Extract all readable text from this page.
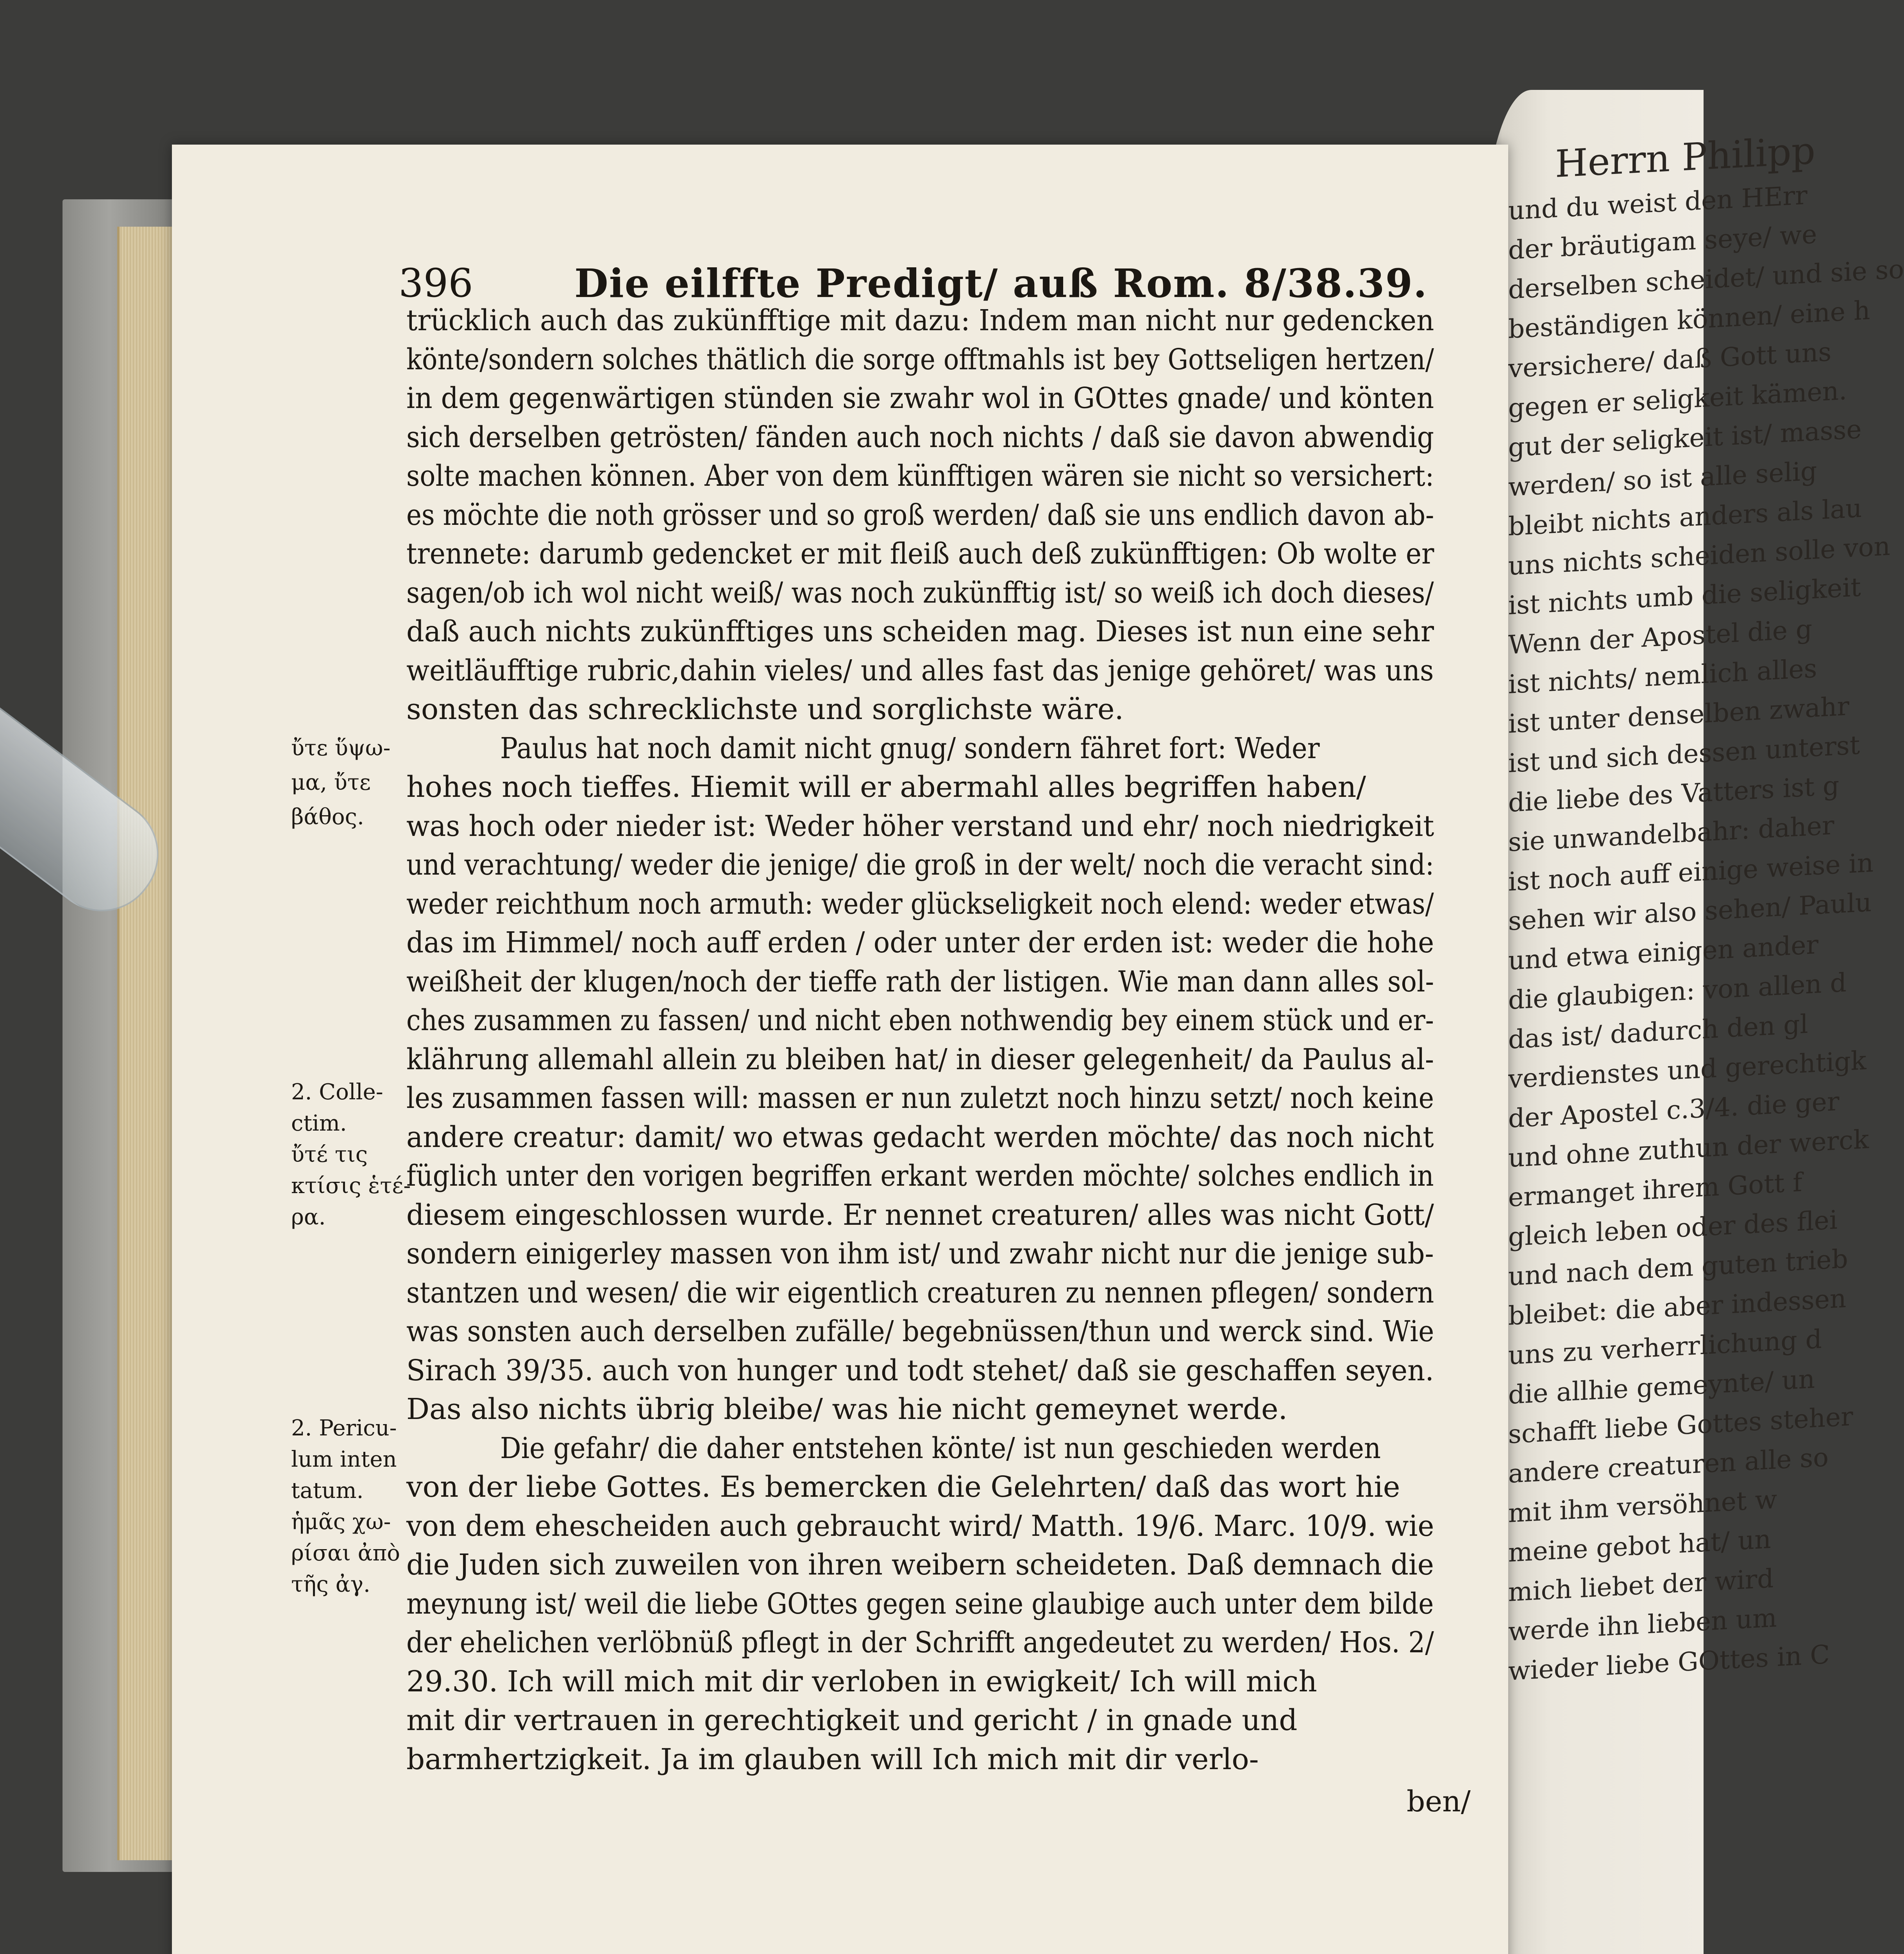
Herrn Philipp
und du weist den HErr
der bräutigam seye/ we
derselben scheidet/ und sie so
beständigen können/ eine h
versichere/ daß Gott uns
gegen er seligkeit kämen.
gut der seligkeit ist/ masse
werden/ so ist alle selig
bleibt nichts anders als lau
uns nichts scheiden solle von
ist nichts umb die seligkeit
Wenn der Apostel die g
ist nichts/ nemlich alles
ist unter denselben zwahr
ist und sich dessen unterst
die liebe des Vatters ist g
sie unwandelbahr: daher
ist noch auff einige weise in
sehen wir also sehen/ Paulu
und etwa einigen ander
die glaubigen: von allen d
das ist/ dadurch den gl
verdienstes und gerechtigk
der Apostel c.3/4. die ger
und ohne zuthun der werck
ermanget ihrem Gott f
gleich leben oder des flei
und nach dem guten trieb
bleibet: die aber indessen
uns zu verherrlichung d
die allhie gemeynte/ un
schafft liebe Gottes steher
andere creaturen alle so
mit ihm versöhnet w
meine gebot hat/ un
mich liebet der wird
werde ihn lieben um
wieder liebe GOttes in C
396	Die eilffte Predigt/ auß Rom. 8/38.39.
trücklich auch das zukünfftige mit dazu: Indem man nicht nur gedencken
könte/sondern solches thätlich die sorge offtmahls ist bey Gottseligen hertzen/
in dem gegenwärtigen stünden sie zwahr wol in GOttes gnade/ und könten
sich derselben getrösten/ fänden auch noch nichts / daß sie davon abwendig
solte machen können. Aber von dem künfftigen wären sie nicht so versichert:
es möchte die noth grösser und so groß werden/ daß sie uns endlich davon ab-
trennete: darumb gedencket er mit fleiß auch deß zukünfftigen: Ob wolte er
sagen/ob ich wol nicht weiß/ was noch zukünfftig ist/ so weiß ich doch dieses/
daß auch nichts zukünfftiges uns scheiden mag. Dieses ist nun eine sehr
weitläufftige rubric,dahin vieles/ und alles fast das jenige gehöret/ was uns
sonsten das schrecklichste und sorglichste wäre.
Paulus hat noch damit nicht gnug/ sondern fähret fort: Weder
hohes noch tieffes. Hiemit will er abermahl alles begriffen haben/
was hoch oder nieder ist: Weder höher verstand und ehr/ noch niedrigkeit
und verachtung/ weder die jenige/ die groß in der welt/ noch die veracht sind:
weder reichthum noch armuth: weder glückseligkeit noch elend: weder etwas/
das im Himmel/ noch auff erden / oder unter der erden ist: weder die hohe
weißheit der klugen/noch der tieffe rath der listigen. Wie man dann alles sol-
ches zusammen zu fassen/ und nicht eben nothwendig bey einem stück und er-
klährung allemahl allein zu bleiben hat/ in dieser gelegenheit/ da Paulus al-
les zusammen fassen will: massen er nun zuletzt noch hinzu setzt/ noch keine
andere creatur: damit/ wo etwas gedacht werden möchte/ das noch nicht
füglich unter den vorigen begriffen erkant werden möchte/ solches endlich in
diesem eingeschlossen wurde. Er nennet creaturen/ alles was nicht Gott/
sondern einigerley massen von ihm ist/ und zwahr nicht nur die jenige sub-
stantzen und wesen/ die wir eigentlich creaturen zu nennen pflegen/ sondern
was sonsten auch derselben zufälle/ begebnüssen/thun und werck sind. Wie
Sirach 39/35. auch von hunger und todt stehet/ daß sie geschaffen seyen.
Das also nichts übrig bleibe/ was hie nicht gemeynet werde.
Die gefahr/ die daher entstehen könte/ ist nun geschieden werden
von der liebe Gottes. Es bemercken die Gelehrten/ daß das wort hie
von dem ehescheiden auch gebraucht wird/ Matth. 19/6. Marc. 10/9. wie
die Juden sich zuweilen von ihren weibern scheideten. Daß demnach die
meynung ist/ weil die liebe GOttes gegen seine glaubige auch unter dem bilde
der ehelichen verlöbnüß pflegt in der Schrifft angedeutet zu werden/ Hos. 2/
29.30. Ich will mich mit dir verloben in ewigkeit/ Ich will mich
mit dir vertrauen in gerechtigkeit und gericht / in gnade und
barmhertzigkeit. Ja im glauben will Ich mich mit dir verlo-
ὔτε ὕψω-
μα, ὔτε
βάθος.
2. Colle-
ctim.
ὔτέ τις
κτίσις ἑτέ-
ρα.
2. Pericu-
lum inten
tatum.
ἡμᾶς χω-
ρίσαι ἀπὸ
τῆς ἀγ.
ben/
